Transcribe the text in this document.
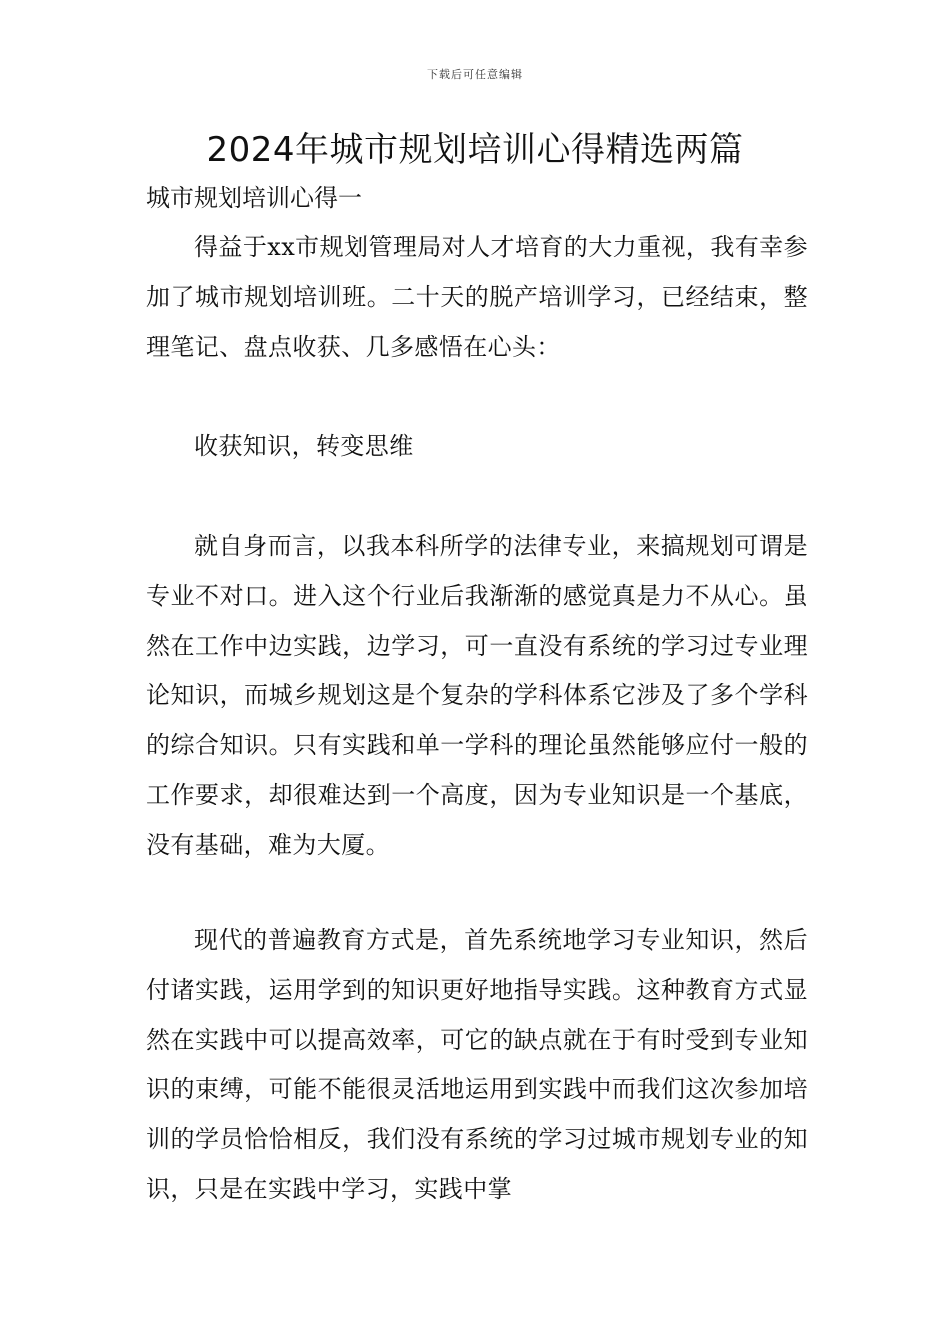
下载后可任意编辑
2024年城市规划培训心得精选两篇
城市规划培训心得一

得益于xx市规划管理局对人才培育的大力重视，我有幸参加了城市规划培训班。二十天的脱产培训学习，已经结束，整理笔记、盘点收获、几多感悟在心头：

收获知识，转变思维

就自身而言，以我本科所学的法律专业，来搞规划可谓是专业不对口。进入这个行业后我渐渐的感觉真是力不从心。虽然在工作中边实践，边学习，可一直没有系统的学习过专业理论知识，而城乡规划这是个复杂的学科体系它涉及了多个学科的综合知识。只有实践和单一学科的理论虽然能够应付一般的工作要求，却很难达到一个高度，因为专业知识是一个基底，没有基础，难为大厦。

现代的普遍教育方式是，首先系统地学习专业知识，然后付诸实践，运用学到的知识更好地指导实践。这种教育方式显然在实践中可以提高效率，可它的缺点就在于有时受到专业知识的束缚，可能不能很灵活地运用到实践中而我们这次参加培训的学员恰恰相反，我们没有系统的学习过城市规划专业的知识，只是在实践中学习，实践中掌
